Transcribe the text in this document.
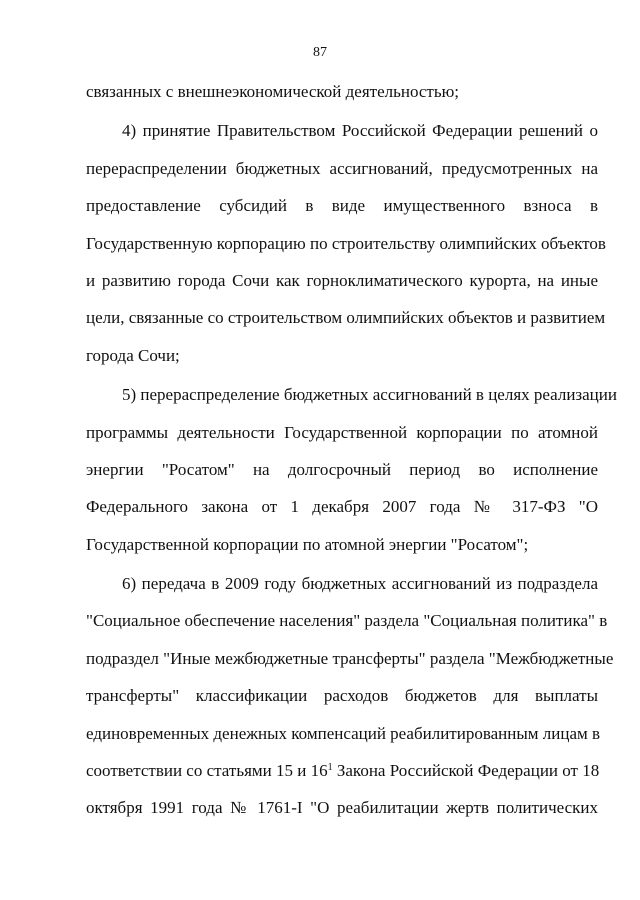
87
связанных с внешнеэкономической деятельностью;
4) принятие Правительством Российской Федерации решений о
перераспределении бюджетных ассигнований, предусмотренных на
предоставление субсидий в виде имущественного взноса в
Государственную корпорацию по строительству олимпийских объектов
и развитию города Сочи как горноклиматического курорта, на иные
цели, связанные со строительством олимпийских объектов и развитием
города Сочи;
5) перераспределение бюджетных ассигнований в целях реализации
программы деятельности Государственной корпорации по атомной
энергии "Росатом" на долгосрочный период во исполнение
Федерального закона от 1 декабря 2007 года № 317-ФЗ "О
Государственной корпорации по атомной энергии "Росатом";
6) передача в 2009 году бюджетных ассигнований из подраздела
"Социальное обеспечение населения" раздела "Социальная политика" в
подраздел "Иные межбюджетные трансферты" раздела "Межбюджетные
трансферты" классификации расходов бюджетов для выплаты
единовременных денежных компенсаций реабилитированным лицам в
соответствии со статьями 15 и $16^1$ Закона Российской Федерации от 18
октября 1991 года № 1761-I "О реабилитации жертв политических
